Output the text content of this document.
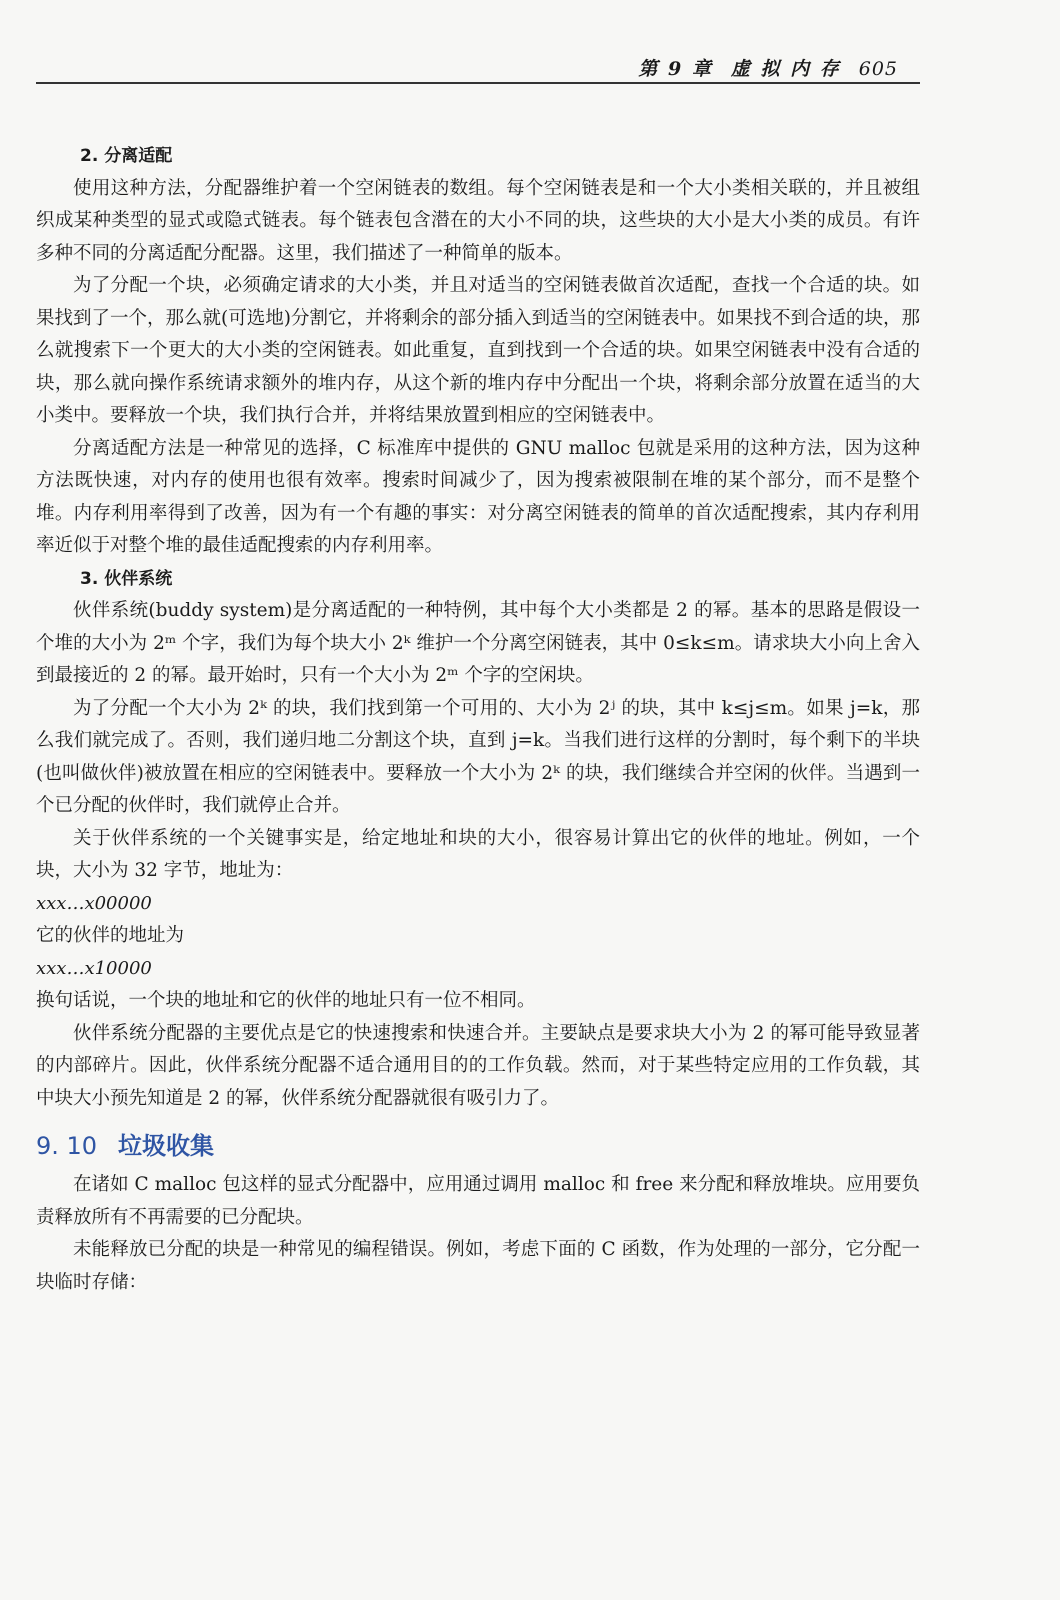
第 9 章 虚 拟 内 存 605
2. 分离适配

使用这种方法，分配器维护着一个空闲链表的数组。每个空闲链表是和一个大小类相关联的，并且被组织成某种类型的显式或隐式链表。每个链表包含潜在的大小不同的块，这些块的大小是大小类的成员。有许多种不同的分离适配分配器。这里，我们描述了一种简单的版本。

为了分配一个块，必须确定请求的大小类，并且对适当的空闲链表做首次适配，查找一个合适的块。如果找到了一个，那么就(可选地)分割它，并将剩余的部分插入到适当的空闲链表中。如果找不到合适的块，那么就搜索下一个更大的大小类的空闲链表。如此重复，直到找到一个合适的块。如果空闲链表中没有合适的块，那么就向操作系统请求额外的堆内存，从这个新的堆内存中分配出一个块，将剩余部分放置在适当的大小类中。要释放一个块，我们执行合并，并将结果放置到相应的空闲链表中。

分离适配方法是一种常见的选择，C 标准库中提供的 GNU malloc 包就是采用的这种方法，因为这种方法既快速，对内存的使用也很有效率。搜索时间减少了，因为搜索被限制在堆的某个部分，而不是整个堆。内存利用率得到了改善，因为有一个有趣的事实：对分离空闲链表的简单的首次适配搜索，其内存利用率近似于对整个堆的最佳适配搜索的内存利用率。

3. 伙伴系统

伙伴系统(buddy system)是分离适配的一种特例，其中每个大小类都是 2 的幂。基本的思路是假设一个堆的大小为 2ᵐ 个字，我们为每个块大小 2ᵏ 维护一个分离空闲链表，其中 0≤k≤m。请求块大小向上舍入到最接近的 2 的幂。最开始时，只有一个大小为 2ᵐ 个字的空闲块。

为了分配一个大小为 2ᵏ 的块，我们找到第一个可用的、大小为 2ʲ 的块，其中 k≤j≤m。如果 j=k，那么我们就完成了。否则，我们递归地二分割这个块，直到 j=k。当我们进行这样的分割时，每个剩下的半块(也叫做伙伴)被放置在相应的空闲链表中。要释放一个大小为 2ᵏ 的块，我们继续合并空闲的伙伴。当遇到一个已分配的伙伴时，我们就停止合并。

关于伙伴系统的一个关键事实是，给定地址和块的大小，很容易计算出它的伙伴的地址。例如，一个块，大小为 32 字节，地址为：

xxx…x00000

它的伙伴的地址为

xxx…x10000

换句话说，一个块的地址和它的伙伴的地址只有一位不相同。

伙伴系统分配器的主要优点是它的快速搜索和快速合并。主要缺点是要求块大小为 2 的幂可能导致显著的内部碎片。因此，伙伴系统分配器不适合通用目的的工作负载。然而，对于某些特定应用的工作负载，其中块大小预先知道是 2 的幂，伙伴系统分配器就很有吸引力了。

9. 10 垃圾收集

在诸如 C malloc 包这样的显式分配器中，应用通过调用 malloc 和 free 来分配和释放堆块。应用要负责释放所有不再需要的已分配块。

未能释放已分配的块是一种常见的编程错误。例如，考虑下面的 C 函数，作为处理的一部分，它分配一块临时存储：
